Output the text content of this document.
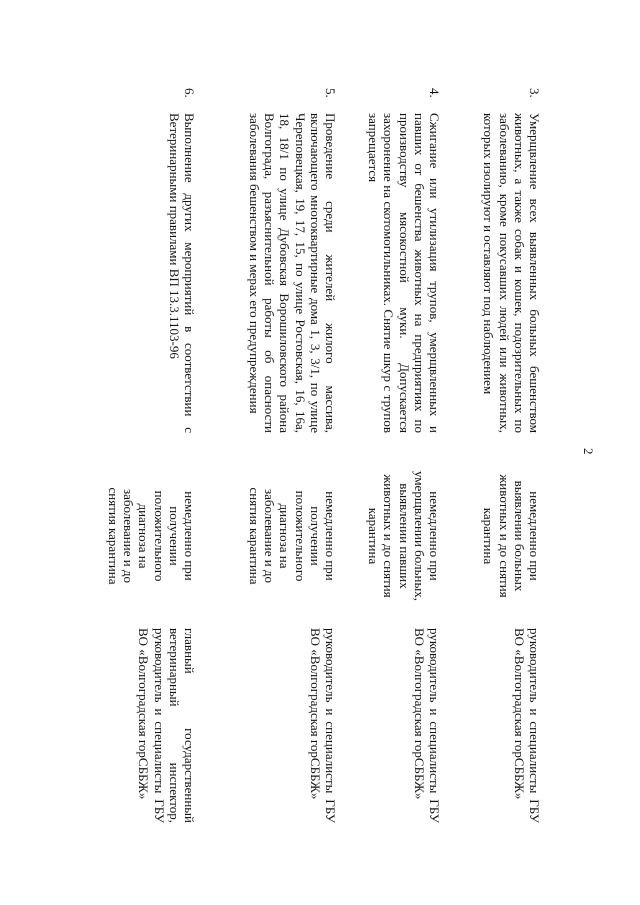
2
3.
Умерщвление всех выявленных больных бешенством животных, а также собак и кошек, подозрительных по заболеванию, кроме покусавших людей или животных, которых изолируют и оставляют под наблюдением
немедленно при выявлении больных животных и до снятия карантина
руководитель и специалисты ГБУ ВО «Волгоградская горСББЖ»
4.
Сжигание или утилизация трупов, умерщвленных и павших от бешенства животных на предприятиях по производству мясокостной муки. Допускается захоронение на скотомогильниках. Снятие шкур с трупов запрещается
немедленно при умерщвлении больных, выявлении павших животных и до снятия карантина
руководитель и специалисты ГБУ ВО «Волгоградская горСББЖ»
5.
Проведение среди жителей жилого массива, включающего многоквартирные дома 1, 3, 3/1, по улице Череповецкая, 19, 17, 15, по улице Ростовская, 16, 16а, 18, 18/1 по улице Дубовская Ворошиловского района Волгограда, разъяснительной работы об опасности заболевания бешенством и мерах его предупреждения
немедленно при получении положительного диагноза на заболевание и до снятия карантина
руководитель и специалисты ГБУ ВО «Волгоградская горСББЖ»
6.
Выполнение других мероприятий в соответствии с Ветеринарными правилами ВП 13.3.1103-96
немедленно при получении положительного диагноза на заболевание и до снятия карантина
главный государственный ветеринарный инспектор, руководитель и специалисты ГБУ ВО «Волгоградская горСББЖ»
